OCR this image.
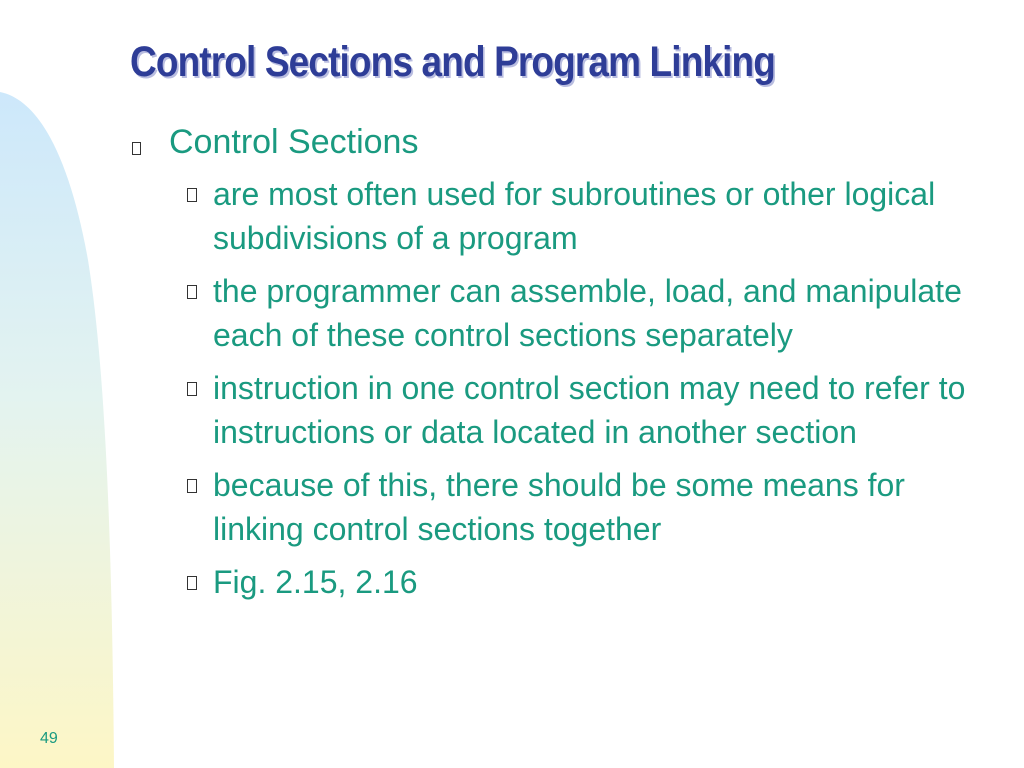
Control Sections and Program Linking
Control Sections
are most often used for subroutines or other logical subdivisions of a program
the programmer can assemble, load, and manipulate each of these control sections separately
instruction in one control section may need to refer to instructions or data located in another section
because of this, there should be some means for linking control sections together
Fig. 2.15, 2.16
49
